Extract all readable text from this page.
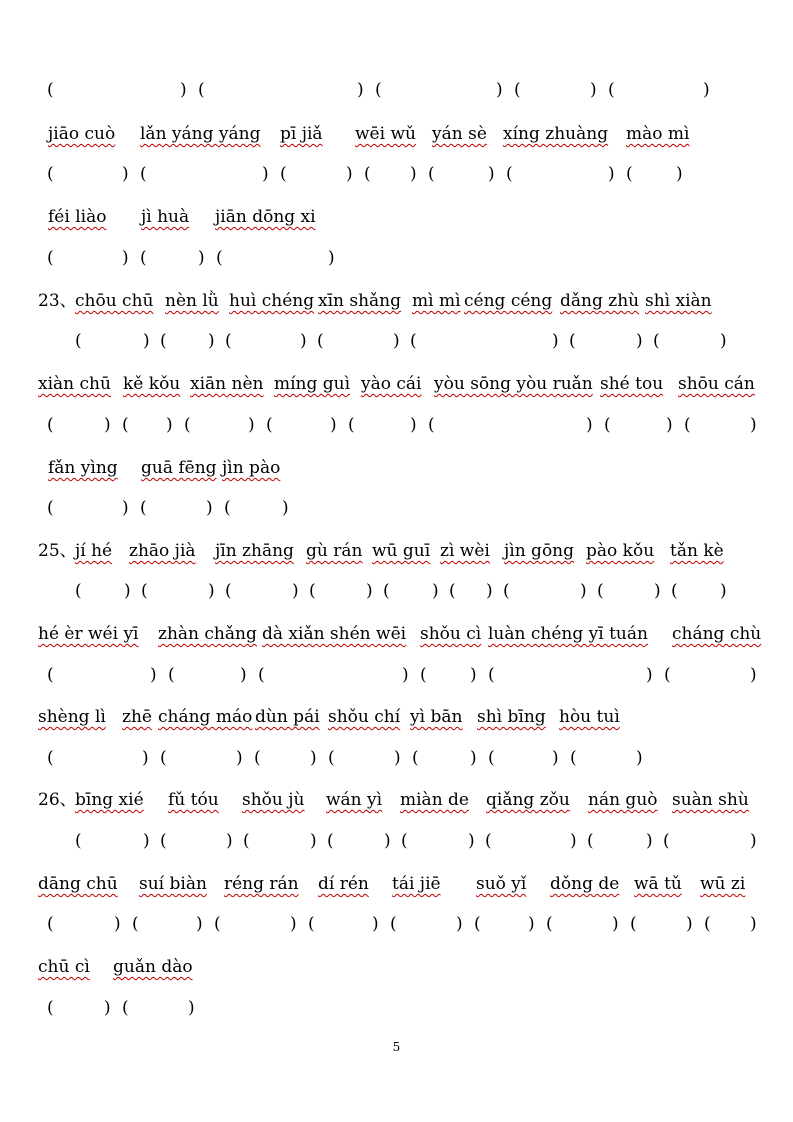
(	) (	) (	) (	) (	)
jiāo cuò lǎn yáng yáng pī jiǎ wēi wǔ yán sè xíng zhuàng mào mì
(	) (	) (	) ( ) (	) (	) (	)
féi liào jì huà jiān dōng xi
(	) (	) (	)
23、
chōu chū nèn lǜ huì chéng xīn shǎng mì mì céng céng dǎng zhù shì xiàn
(	) ( ) (	) (	) (	) (	) (	)
xiàn chū kě kǒu xiān nèn míng guì yào cái yòu sōng yòu ruǎn shé tou shōu cán
(	) ( ) (	) (	) (	) (	) (	) (	)
fǎn yìng guā fēng jìn pào
(	) (	) (	)
25、
jí hé zhāo jià jīn zhāng gù rán wū guī zì wèi jìn gōng pào kǒu tǎn kè
( ) (	) (	) (	) ( ) ( ) (	) (	) ( )
hé èr wéi yī zhàn chǎng dà xiǎn shén wēi shǒu cì luàn chéng yī tuán cháng chù
(	) (	) (	) (	) (	) (	)
shèng lì zhē cháng máo dùn pái shǒu chí yì bān shì bīng hòu tuì
(	) (	) (	) (	) (	) (	) (	)
26、
bīng xié fǔ tóu shǒu jù wán yì miàn de qiǎng zǒu nán guò suàn shù
(	) (	) (	) (	) (	) (	) (	) (	)
dāng chū suí biàn réng rán dí rén tái jiē suǒ yǐ dǒng de wā tǔ wū zi
(	) (	) (	) (	) (	) (	) (	) (	) ( )
chū cì guǎn dào
(	) (	)
5
